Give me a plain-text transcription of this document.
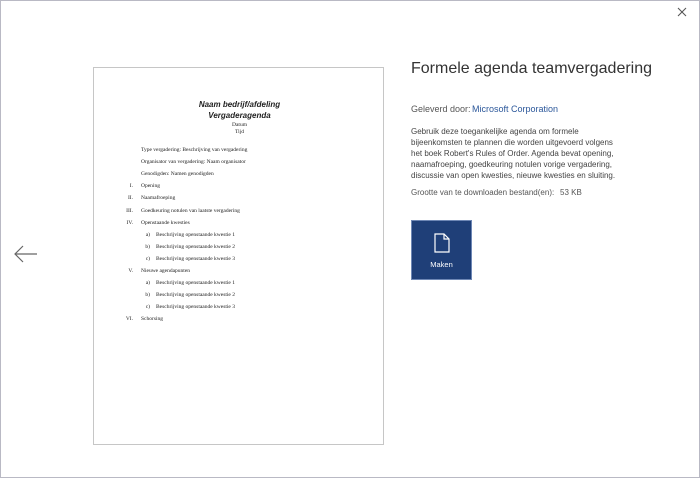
Naam bedrijf/afdeling
Vergaderagenda
Datum
Tijd
Type vergadering: Beschrijving van vergadering
Organisator van vergadering: Naam organisator
Genodigden: Namen genodigden
I. Opening
II. Naamafroeping
III. Goedkeuring notulen van laatste vergadering
IV. Openstaande kwesties
a) Beschrijving openstaande kwestie 1
b) Beschrijving openstaande kwestie 2
c) Beschrijving openstaande kwestie 3
V. Nieuwe agendapunten
a) Beschrijving openstaande kwestie 1
b) Beschrijving openstaande kwestie 2
c) Beschrijving openstaande kwestie 3
VI. Schorsing
Formele agenda teamvergadering
Geleverd door: Microsoft Corporation
Gebruik deze toegankelijke agenda om formele bijeenkomsten te plannen die worden uitgevoerd volgens het boek Robert's Rules of Order. Agenda bevat opening, naamafroeping, goedkeuring notulen vorige vergadering, discussie van open kwesties, nieuwe kwesties en sluiting.
Grootte van te downloaden bestand(en): 53 KB
Maken
